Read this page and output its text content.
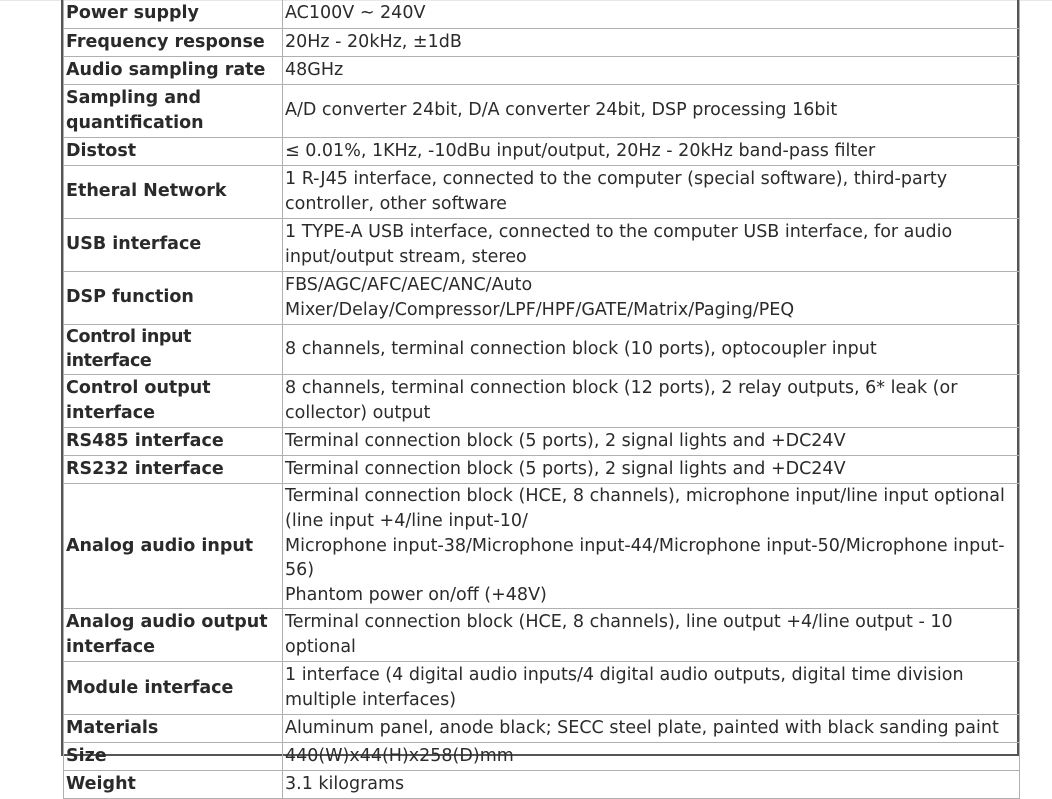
Power supply	AC100V ~ 240V

Frequency response	20Hz - 20kHz, ±1dB

Audio sampling rate	48GHz

Sampling and quantification	A/D converter 24bit, D/A converter 24bit, DSP processing 16bit

Distost	≤ 0.01%, 1KHz, -10dBu input/output, 20Hz - 20kHz band-pass filter

Etheral Network	1 R-J45 interface, connected to the computer (special software), third-party controller, other software

USB interface	1 TYPE-A USB interface, connected to the computer USB interface, for audio input/output stream, stereo

DSP function	FBS/AGC/AFC/AEC/ANC/Auto
Mixer/Delay/Compressor/LPF/HPF/GATE/Matrix/Paging/PEQ

Control input interface	8 channels, terminal connection block (10 ports), optocoupler input

Control output interface	8 channels, terminal connection block (12 ports), 2 relay outputs, 6* leak (or collector) output

RS485 interface	Terminal connection block (5 ports), 2 signal lights and +DC24V

RS232 interface	Terminal connection block (5 ports), 2 signal lights and +DC24V

Analog audio input	Terminal connection block (HCE, 8 channels), microphone input/line input optional (line input +4/line input-10/
Microphone input-38/Microphone input-44/Microphone input-50/Microphone input-56)
Phantom power on/off (+48V)

Analog audio output interface	Terminal connection block (HCE, 8 channels), line output +4/line output - 10 optional

Module interface	1 interface (4 digital audio inputs/4 digital audio outputs, digital time division multiple interfaces)

Materials	Aluminum panel, anode black; SECC steel plate, painted with black sanding paint

Size	440(W)x44(H)x258(D)mm

Weight	3.1 kilograms
